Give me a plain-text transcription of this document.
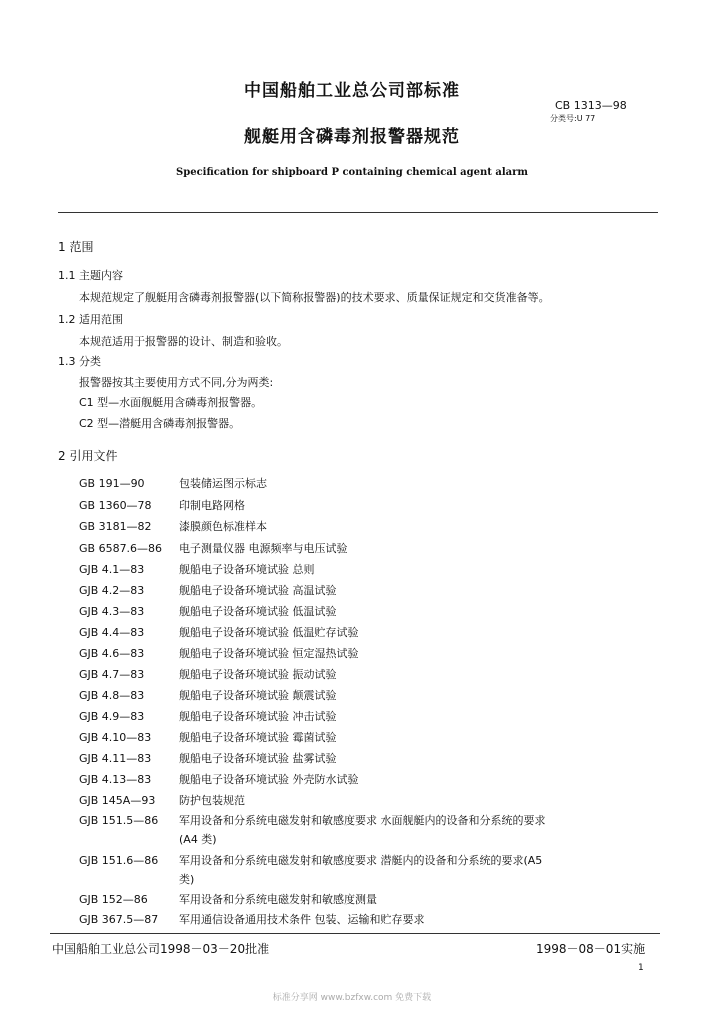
中国船舶工业总公司部标准
CB 1313—98
分类号:U 77
舰艇用含磷毒剂报警器规范
Specification for shipboard P containing chemical agent alarm
1 范围
1.1 主题内容
本规范规定了舰艇用含磷毒剂报警器(以下简称报警器)的技术要求、质量保证规定和交货准备等。
1.2 适用范围
本规范适用于报警器的设计、制造和验收。
1.3 分类
报警器按其主要使用方式不同,分为两类:
C1 型—水面舰艇用含磷毒剂报警器。
C2 型—潜艇用含磷毒剂报警器。
2 引用文件
GB 191—90	包装储运图示标志
GB 1360—78 印制电路网格
GB 3181—82 漆膜颜色标准样本
GB 6587.6—86 电子测量仪器 电源频率与电压试验
GJB 4.1—83	舰船电子设备环境试验 总则
GJB 4.2—83	舰船电子设备环境试验 高温试验
GJB 4.3—83	舰船电子设备环境试验 低温试验
GJB 4.4—83	舰船电子设备环境试验 低温贮存试验
GJB 4.6—83	舰船电子设备环境试验 恒定湿热试验
GJB 4.7—83	舰船电子设备环境试验 振动试验
GJB 4.8—83	舰船电子设备环境试验 颠震试验
GJB 4.9—83	舰船电子设备环境试验 冲击试验
GJB 4.10—83	舰船电子设备环境试验 霉菌试验
GJB 4.11—83	舰船电子设备环境试验 盐雾试验
GJB 4.13—83	舰船电子设备环境试验 外壳防水试验
GJB 145A—93 防护包装规范
GJB 151.5—86 军用设备和分系统电磁发射和敏感度要求 水面舰艇内的设备和分系统的要求
(A4 类)
GJB 151.6—86 军用设备和分系统电磁发射和敏感度要求 潜艇内的设备和分系统的要求(A5
类)
GJB 152—86	军用设备和分系统电磁发射和敏感度测量
GJB 367.5—87 军用通信设备通用技术条件 包装、运输和贮存要求
中国船舶工业总公司1998－03－20批准	1998－08－01实施
1
标准分享网 www.bzfxw.com 免费下载
